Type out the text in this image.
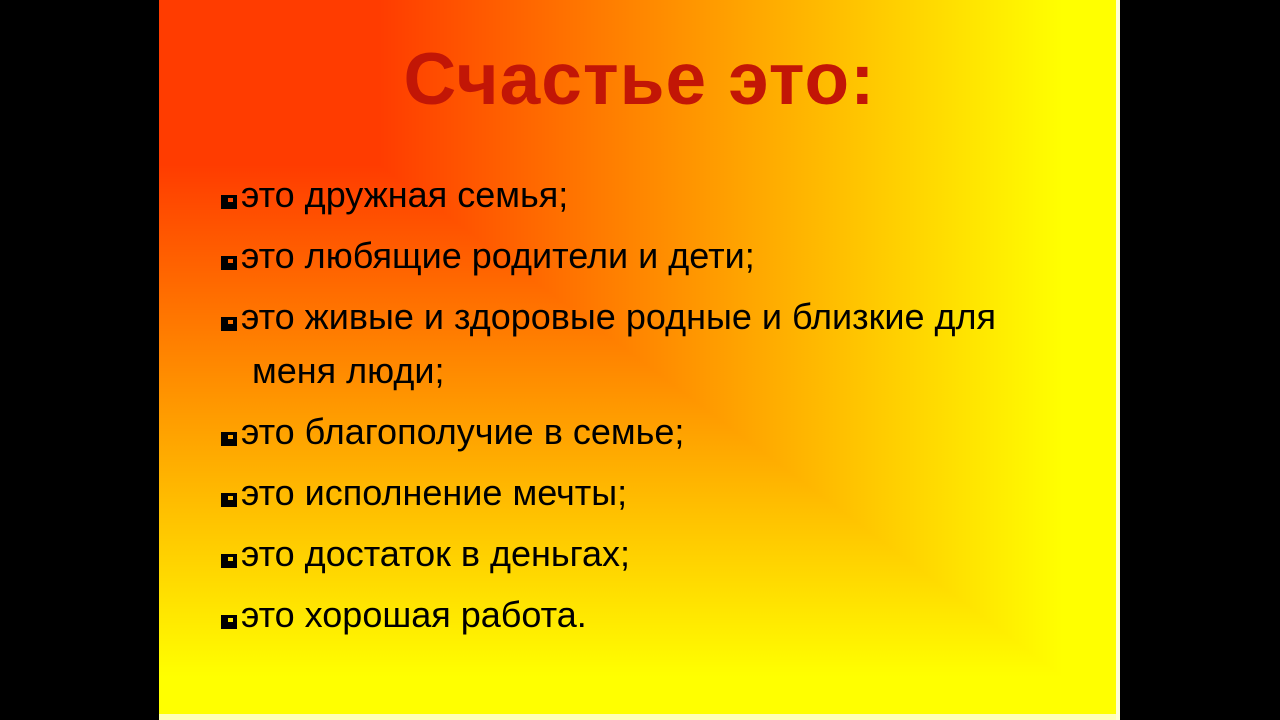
Счастье это:
это дружная семья;
это любящие родители и дети;
это живые и здоровые родные и близкие для меня люди;
это благополучие в семье;
это исполнение мечты;
это достаток в деньгах;
это хорошая работа.
